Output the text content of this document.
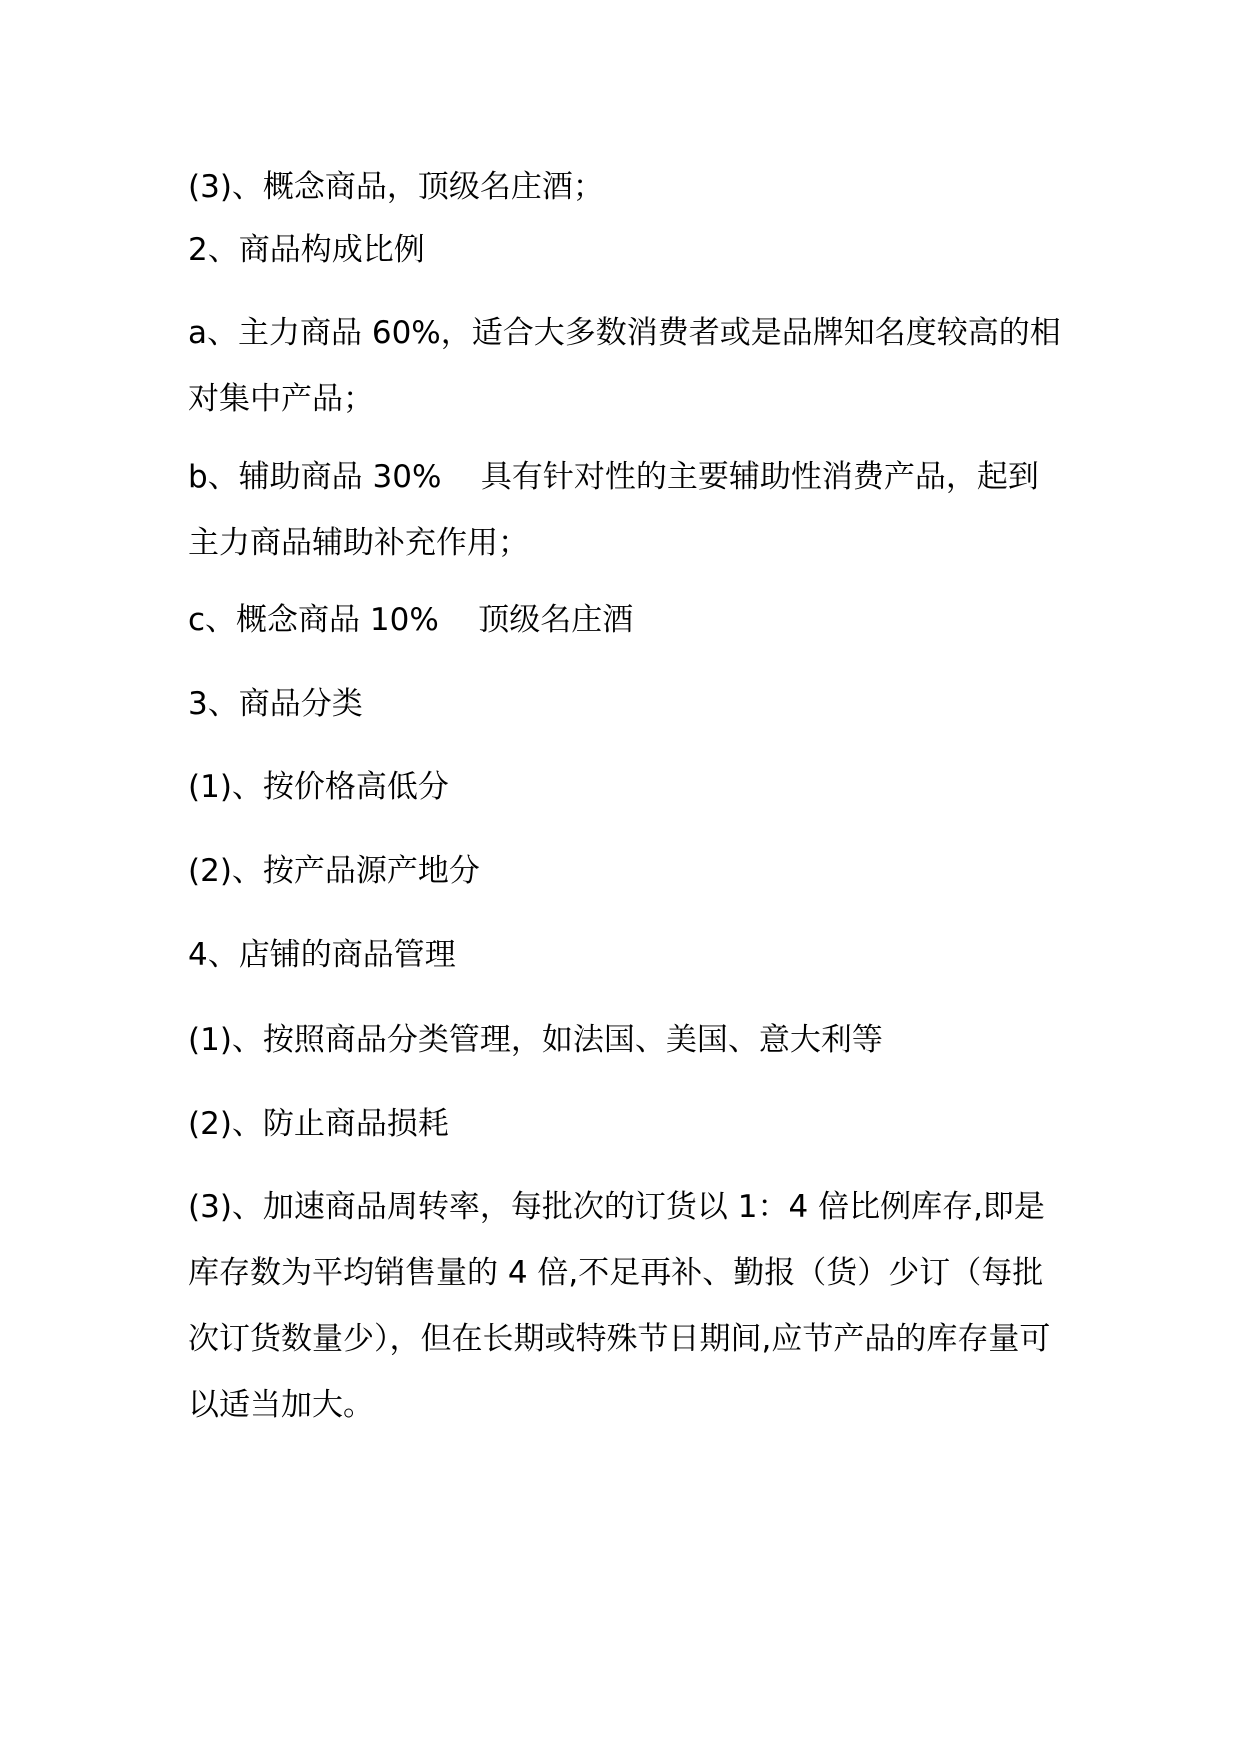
(3)、概念商品，顶级名庄酒；

2、商品构成比例

a、主力商品 60%，适合大多数消费者或是品牌知名度较高的相对集中产品；

b、辅助商品 30%    具有针对性的主要辅助性消费产品，起到主力商品辅助补充作用；

c、概念商品 10%    顶级名庄酒

3、商品分类

(1)、按价格高低分

(2)、按产品源产地分

4、店铺的商品管理

(1)、按照商品分类管理，如法国、美国、意大利等

(2)、防止商品损耗

(3)、加速商品周转率，每批次的订货以 1：4 倍比例库存,即是库存数为平均销售量的 4 倍,不足再补、勤报（货）少订（每批次订货数量少），但在长期或特殊节日期间,应节产品的库存量可以适当加大。
